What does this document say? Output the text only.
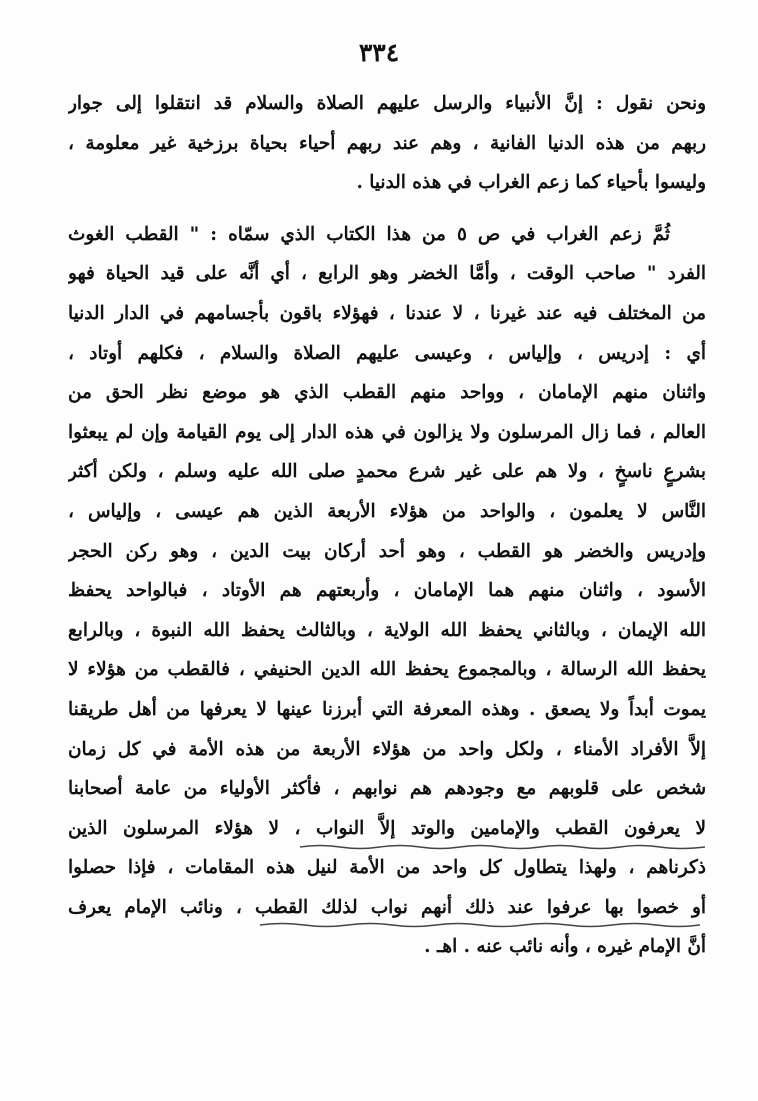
٣٣٤
ونحن نقول : إنَّ الأنبياء والرسل عليهم الصلاة والسلام قد انتقلوا إلى جوار
ربهم من هذه الدنيا الفانية ، وهم عند ربهم أحياء بحياة برزخية غير معلومة ،
وليسوا بأحياء كما زعم الغراب في هذه الدنيا .
ثُمَّ زعم الغراب في ص ٥ من هذا الكتاب الذي سمّاه : " القطب الغوث
الفرد " صاحب الوقت ، وأمَّا الخضر وهو الرابع ، أي أنَّه على قيد الحياة فهو
من المختلف فيه عند غيرنا ، لا عندنا ، فهؤلاء باقون بأجسامهم في الدار الدنيا
أي : إدريس ، وإلياس ، وعيسى عليهم الصلاة والسلام ، فكلهم أوتاد ،
واثنان منهم الإمامان ، وواحد منهم القطب الذي هو موضع نظر الحق من
العالم ، فما زال المرسلون ولا يزالون في هذه الدار إلى يوم القيامة وإن لم يبعثوا
بشرعٍ ناسخٍ ، ولا هم على غير شرع محمدٍ صلى الله عليه وسلم ، ولكن أكثر
النَّاس لا يعلمون ، والواحد من هؤلاء الأربعة الذين هم عيسى ، وإلياس ،
وإدريس والخضر هو القطب ، وهو أحد أركان بيت الدين ، وهو ركن الحجر
الأسود ، واثنان منهم هما الإمامان ، وأربعتهم هم الأوتاد ، فبالواحد يحفظ
الله الإيمان ، وبالثاني يحفظ الله الولاية ، وبالثالث يحفظ الله النبوة ، وبالرابع
يحفظ الله الرسالة ، وبالمجموع يحفظ الله الدين الحنيفي ، فالقطب من هؤلاء لا
يموت أبداً ولا يصعق . وهذه المعرفة التي أبرزنا عينها لا يعرفها من أهل طريقنا
إلاَّ الأفراد الأمناء ، ولكل واحد من هؤلاء الأربعة من هذه الأمة في كل زمان
شخص على قلوبهم مع وجودهم هم نوابهم ، فأكثر الأولياء من عامة أصحابنا
لا يعرفون القطب والإمامين والوتد إلاَّ النواب ، لا هؤلاء المرسلون الذين
ذكرناهم ، ولهذا يتطاول كل واحد من الأمة لنيل هذه المقامات ، فإذا حصلوا
أو خصوا بها عرفوا عند ذلك أنهم نواب لذلك القطب ، ونائب الإمام يعرف
أنَّ الإمام غيره ، وأنه نائب عنه . اهـ .
